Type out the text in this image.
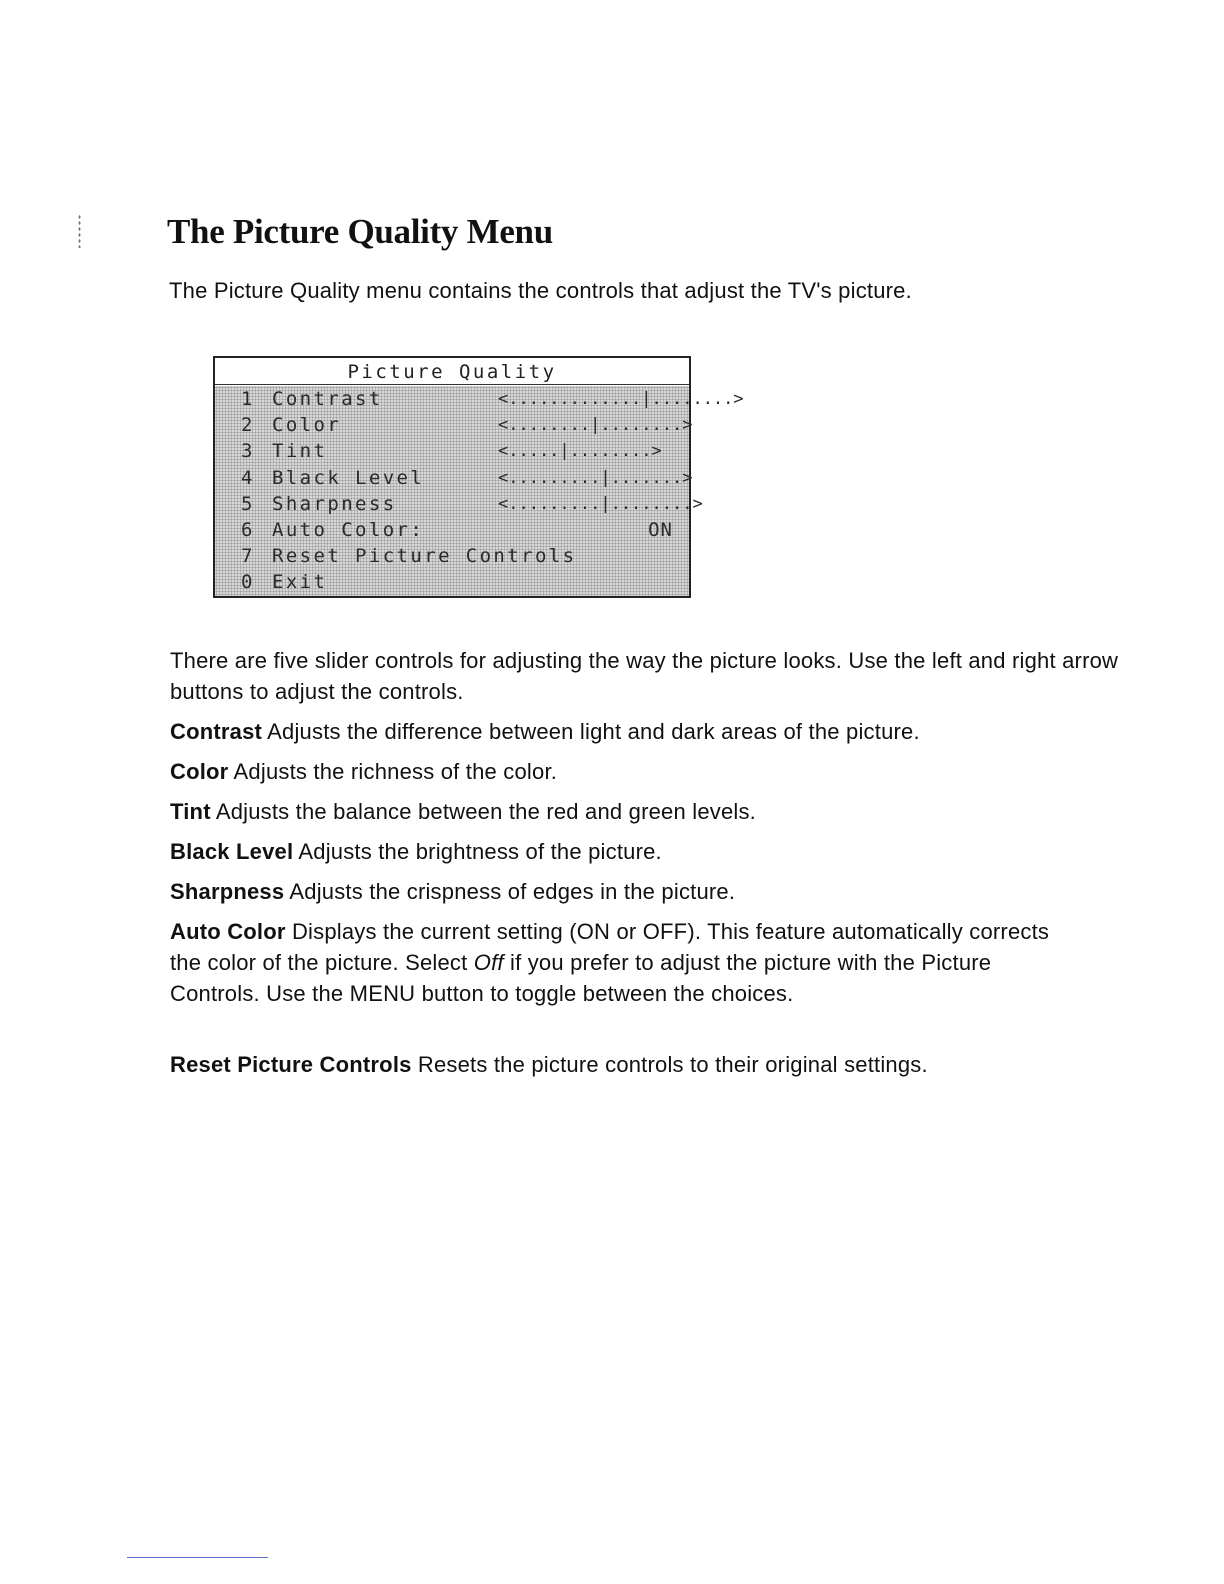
The Picture Quality Menu

The Picture Quality menu contains the controls that adjust the TV's picture.

Picture Quality
1 Contrast	<.............|........>
2 Color	<........|........>
3 Tint	<.....|........>
4 Black Level	<.........|.......>
5 Sharpness	<.........|........>
6 Auto Color:	ON
7 Reset Picture Controls
0 Exit

There are five slider controls for adjusting the way the picture looks. Use the left and right arrow buttons to adjust the controls.

Contrast Adjusts the difference between light and dark areas of the picture.

Color Adjusts the richness of the color.

Tint Adjusts the balance between the red and green levels.

Black Level Adjusts the brightness of the picture.

Sharpness Adjusts the crispness of edges in the picture.

Auto Color Displays the current setting (ON or OFF). This feature automatically corrects the color of the picture. Select Off if you prefer to adjust the picture with the Picture Controls. Use the MENU button to toggle between the choices.

Reset Picture Controls Resets the picture controls to their original settings.
